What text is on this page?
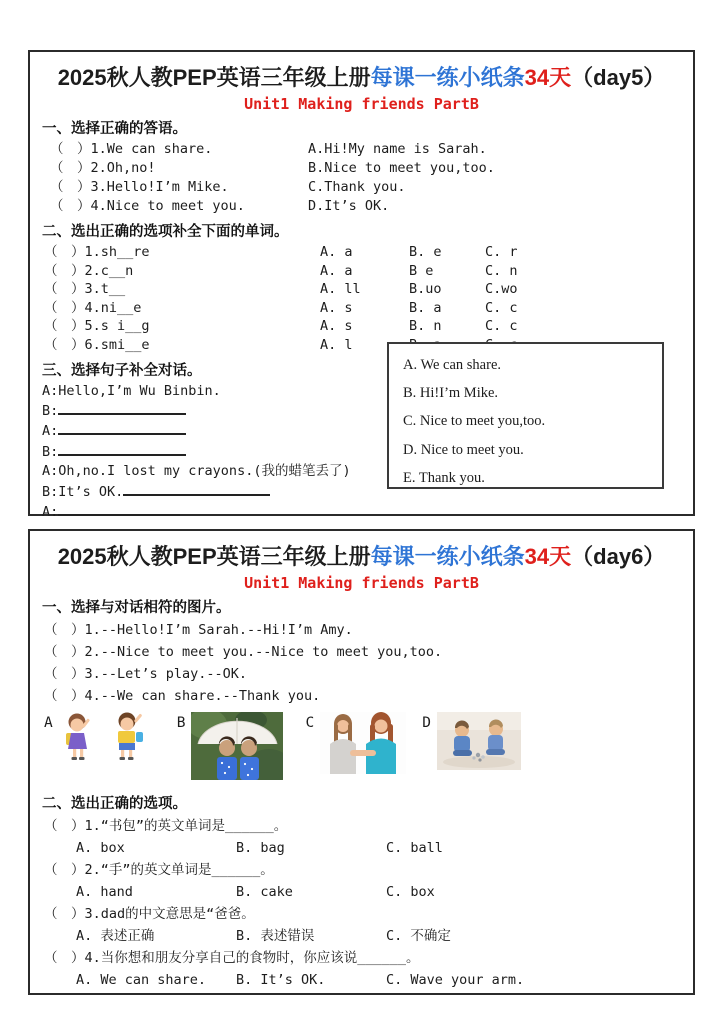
2025秋人教PEP英语三年级上册每课一练小纸条34天（day5）
Unit1 Making friends PartB
一、选择正确的答语。
（　）1.We can share.	A.Hi!My name is Sarah.
（　）2.Oh,no!	B.Nice to meet you,too.
（　）3.Hello!I’m Mike.	C.Thank you.
（　）4.Nice to meet you.	D.It’s OK.
二、选出正确的选项补全下面的单词。
（　）1.sh__re	A. a	B. e	C. r
（　）2.c__n	A. a	B e	C. n
（　）3.t__	A. ll	B.uo	C.wo
（　）4.ni__e	A. s	B. a	C. c
（　）5.s i__g	A. s	B. n	C. c
（　）6.smi__e	A. l
三、选择句子补全对话。
A:Hello,I’m Wu Binbin.
B:
A:
B:
A:Oh,no.I lost my crayons.(我的蜡笔丢了)
B:It’s OK.
A:
A. We can share.
B. Hi!I’m Mike.
C. Nice to meet you,too.
D. Nice to meet you.
E. Thank you.
2025秋人教PEP英语三年级上册每课一练小纸条34天（day6）
Unit1 Making friends PartB
一、选择与对话相符的图片。
（　）1.--Hello!I’m Sarah.--Hi!I’m Amy.
（　）2.--Nice to meet you.--Nice to meet you,too.
（　）3.--Let’s play.--OK.
（　）4.--We can share.--Thank you.
A	B	C	D
二、选出正确的选项。
（　）1.“书包”的英文单词是______。
A. box	B. bag	C. ball
（　）2.“手”的英文单词是______。
A. hand	B. cake	C. box
（　）3.dad的中文意思是“爸爸。
A. 表述正确	B. 表述错误	C. 不确定
（　）4.当你想和朋友分享自己的食物时，你应该说______。
A. We can share.	B. It’s OK.	C. Wave your arm.
